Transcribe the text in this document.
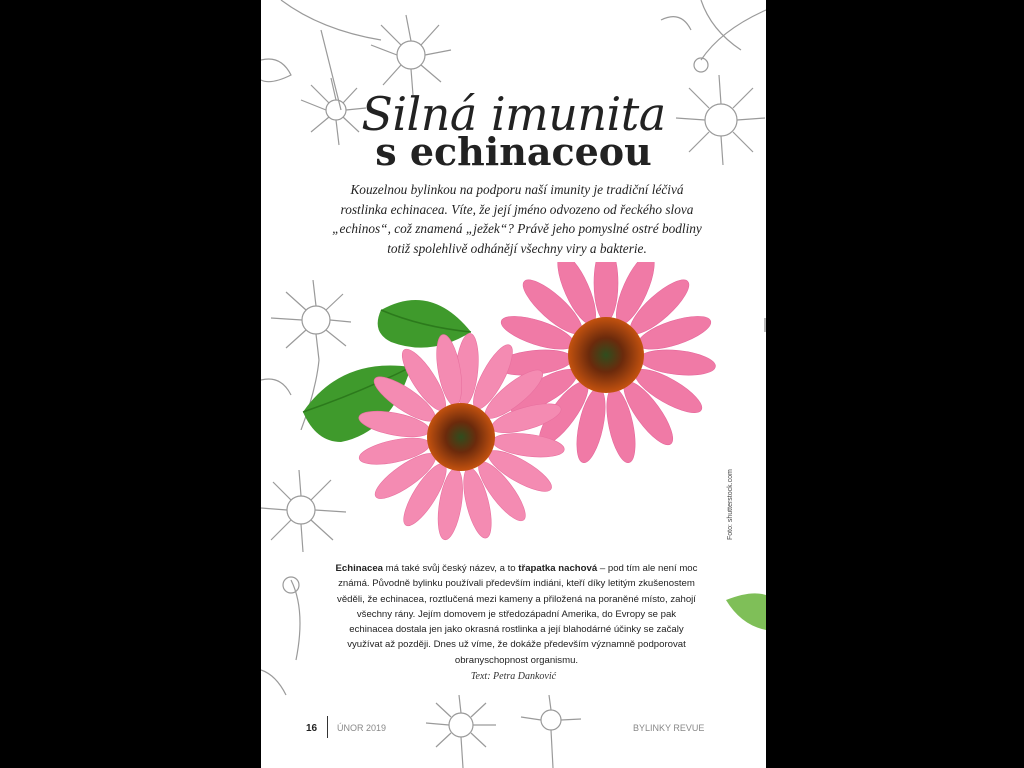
Silná imunita
s echinaceou

Kouzelnou bylinkou na podporu naší imunity je tradiční léčivá rostlinka echinacea. Víte, že její jméno odvozeno od řeckého slova „echinos“, což znamená „ježek“? Právě jeho pomyslné ostré bodliny totiž spolehlivě odhánějí všechny viry a bakterie.

Foto: shutterstock.com

Echinacea má také svůj český název, a to třapatka nachová – pod tím ale není moc známá. Původně bylinku používali především indiáni, kteří díky letitým zkušenostem věděli, že echinacea, roztlučená mezi kameny a přiložená na poraněné místo, zahojí všechny rány. Jejím domovem je středozápadní Amerika, do Evropy se pak echinacea dostala jen jako okrasná rostlinka a její blahodárné účinky se začaly využívat až později. Dnes už víme, že dokáže především významně podporovat obranyschopnost organismu.

Text: Petra Danković
16 ÚNOR 2019	BYLINKY REVUE
